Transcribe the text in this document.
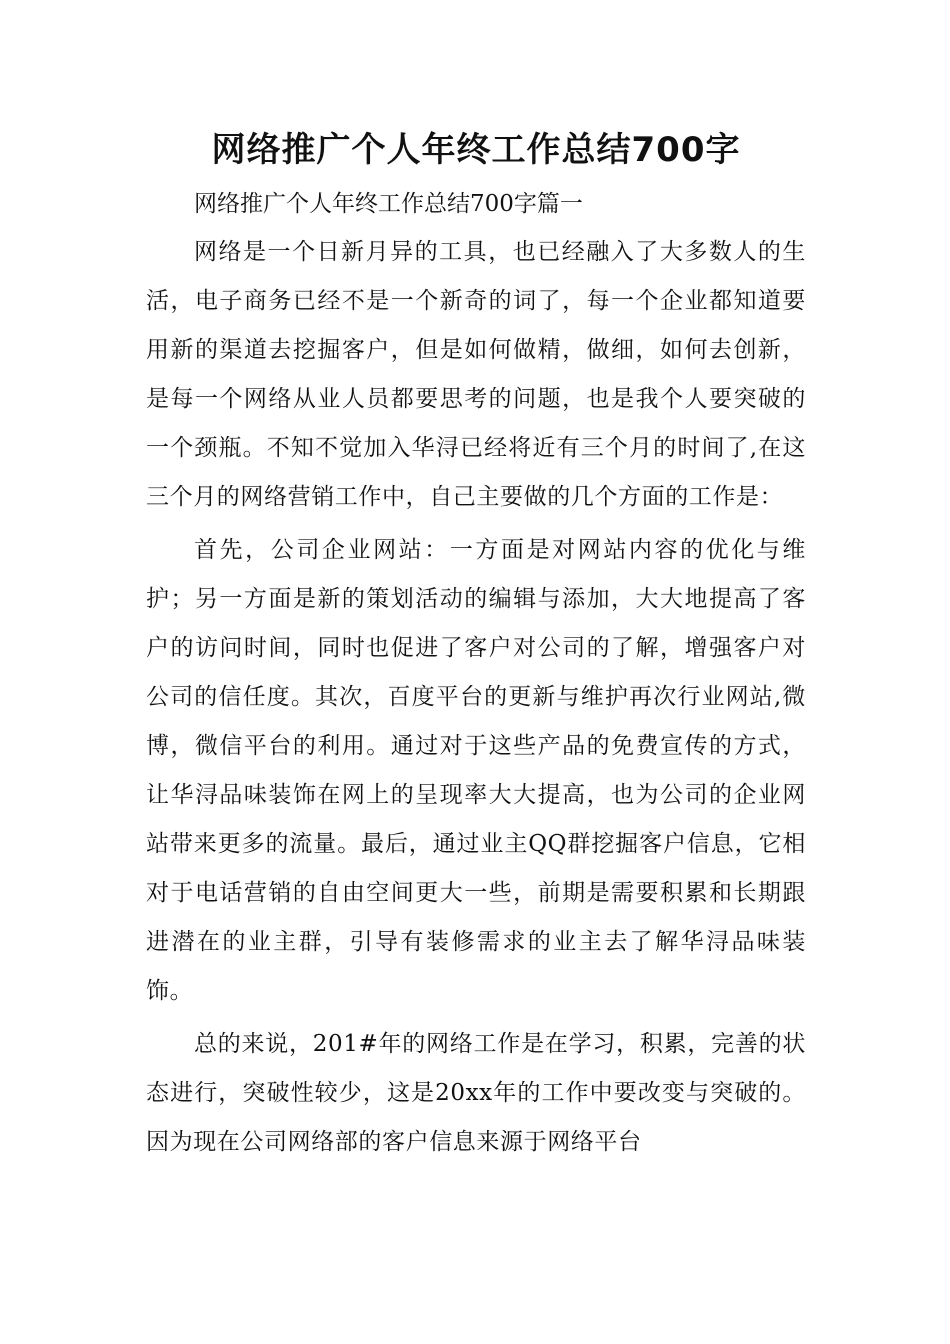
网络推广个人年终工作总结700字

网络推广个人年终工作总结700字篇一

网络是一个日新月异的工具，也已经融入了大多数人的生活，电子商务已经不是一个新奇的词了，每一个企业都知道要用新的渠道去挖掘客户，但是如何做精，做细，如何去创新，是每一个网络从业人员都要思考的问题，也是我个人要突破的一个颈瓶。不知不觉加入华浔已经将近有三个月的时间了,在这三个月的网络营销工作中，自己主要做的几个方面的工作是：

首先，公司企业网站：一方面是对网站内容的优化与维护；另一方面是新的策划活动的编辑与添加，大大地提高了客户的访问时间，同时也促进了客户对公司的了解，增强客户对公司的信任度。其次，百度平台的更新与维护再次行业网站,微博，微信平台的利用。通过对于这些产品的免费宣传的方式，让华浔品味装饰在网上的呈现率大大提高，也为公司的企业网站带来更多的流量。最后，通过业主QQ群挖掘客户信息，它相对于电话营销的自由空间更大一些，前期是需要积累和长期跟进潜在的业主群，引导有装修需求的业主去了解华浔品味装饰。

总的来说，201#年的网络工作是在学习，积累，完善的状态进行，突破性较少，这是20xx年的工作中要改变与突破的。因为现在公司网络部的客户信息来源于网络平台
